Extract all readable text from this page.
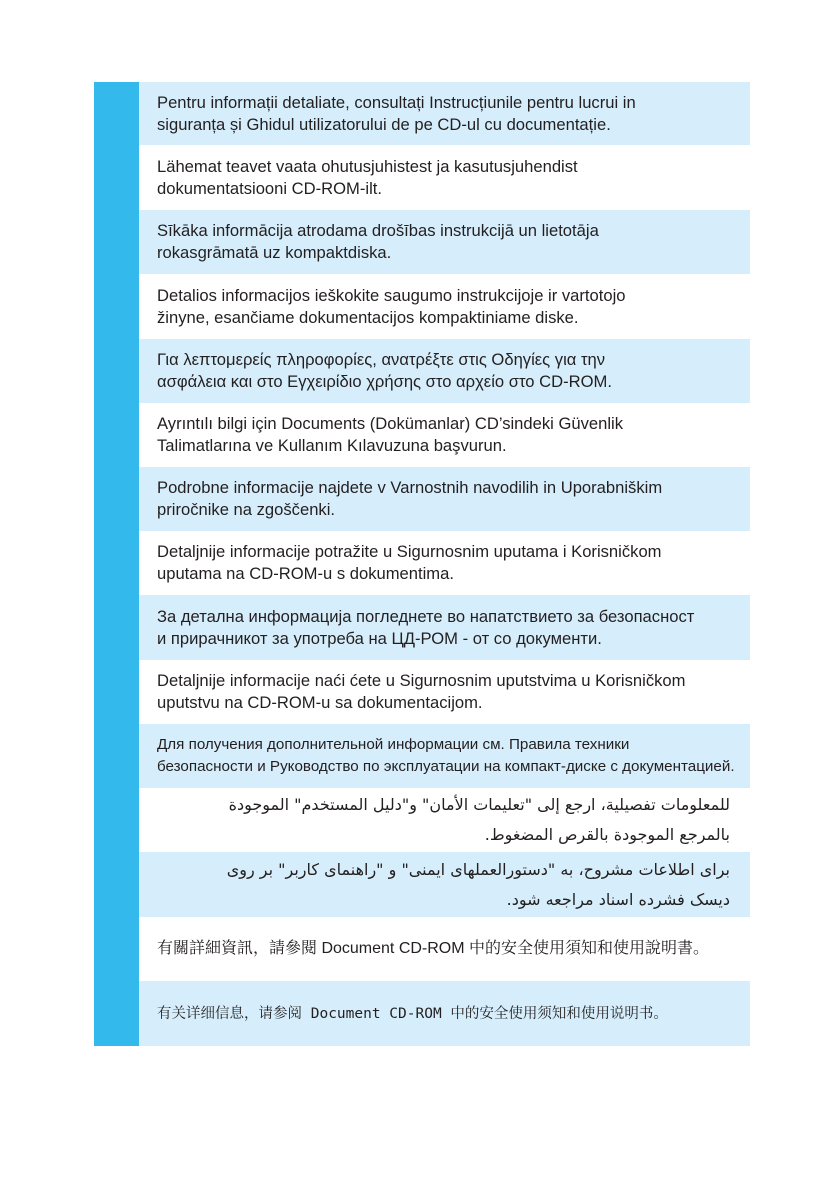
Pentru informații detaliate, consultați Instrucțiunile pentru lucrui in
siguranța și Ghidul utilizatorului de pe CD-ul cu documentație.
Lähemat teavet vaata ohutusjuhistest ja kasutusjuhendist
dokumentatsiooni CD-ROM-ilt.
Sīkāka informācija atrodama drošības instrukcijā un lietotāja
rokasgrāmatā uz kompaktdiska.
Detalios informacijos ieškokite saugumo instrukcijoje ir vartotojo
žinyne, esančiame dokumentacijos kompaktiniame diske.
Για λεπτομερείς πληροφορίες, ανατρέξτε στις Οδηγίες για την
ασφάλεια και στο Εγχειρίδιο χρήσης στο αρχείο στο CD-ROM.
Ayrıntılı bilgi için Documents (Dokümanlar) CD’sindeki Güvenlik
Talimatlarına ve Kullanım Kılavuzuna başvurun.
Podrobne informacije najdete v Varnostnih navodilih in Uporabniškim
priročnike na zgoščenki.
Detaljnije informacije potražite u Sigurnosnim uputama i Korisničkom
uputama na CD-ROM-u s dokumentima.
За детална информација погледнете во напатствието за безопасност
и прирачникот за употреба на ЦД-РОМ - от со документи.
Detaljnije informacije naći ćete u Sigurnosnim uputstvima u Korisničkom
uputstvu na CD-ROM-u sa dokumentacijom.
Для получения дополнительной информации см. Правила техники
безопасности и Руководство по эксплуатации на компакт-диске с документацией.
للمعلومات تفصيلية، ارجع إلى "تعليمات الأمان" و"دليل المستخدم" الموجودة
بالمرجع الموجودة بالقرص المضغوط.
برای اطلاعات مشروح، به "دستورالعملهای ایمنی" و "راهنمای کاربر" بر روی
دیسک فشرده اسناد مراجعه شود.
有關詳細資訊，請參閱 Document CD-ROM 中的安全使用須知和使用說明書。
有关详细信息，请参阅 Document CD-ROM 中的安全使用须知和使用说明书。
